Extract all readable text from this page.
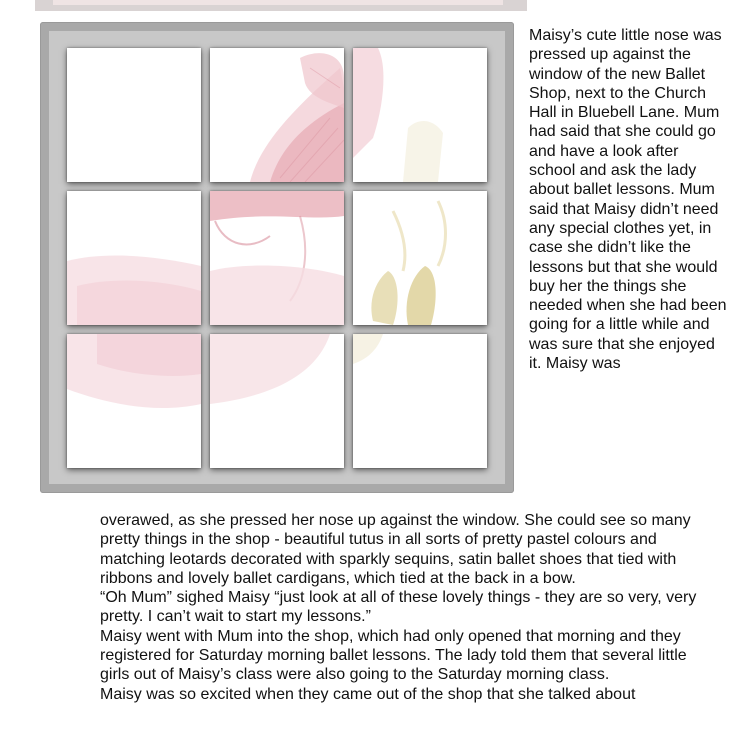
Maisy’s cute little nose was pressed up against the window of the new Ballet Shop, next to the Church Hall in Bluebell Lane. Mum had said that she could go and have a look after school and ask the lady about ballet lessons. Mum said that Maisy didn’t need any special clothes yet, in case she didn’t like the lessons but that she would buy her the things she needed when she had been going for a little while and was sure that she enjoyed it. Maisy was

overawed, as she pressed her nose up against the window. She could see so many pretty things in the shop - beautiful tutus in all sorts of pretty pastel colours and matching leotards decorated with sparkly sequins, satin ballet shoes that tied with ribbons and lovely ballet cardigans, which tied at the back in a bow.

“Oh Mum” sighed Maisy “just look at all of these lovely things - they are so very, very pretty. I can’t wait to start my lessons.”

Maisy went with Mum into the shop, which had only opened that morning and they registered for Saturday morning ballet lessons. The lady told them that several little girls out of Maisy’s class were also going to the Saturday morning class.

Maisy was so excited when they came out of the shop that she talked about
